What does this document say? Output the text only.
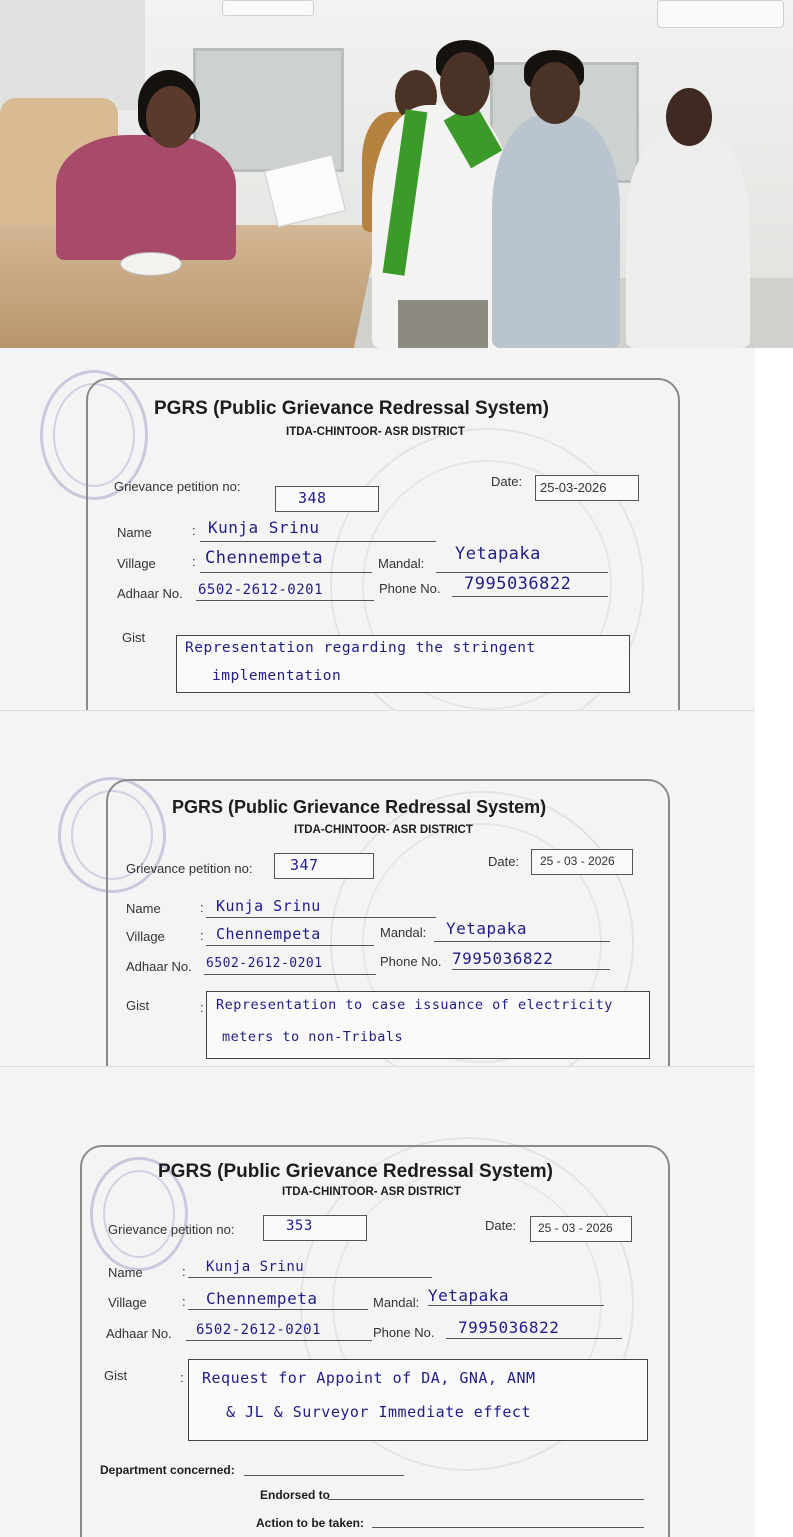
PGRS (Public Grievance Redressal System)
ITDA-CHINTOOR- ASR DISTRICT
Grievance petition no:
348
Date: 25-03-2026
Name	: Kunja Srinu
Village	: Chennempeta	Mandal: Yetapaka
Adhaar No. 6502-2612-0201	Phone No. 7995036822
Gist
Representation regarding the stringent
implementation
PGRS (Public Grievance Redressal System)
ITDA-CHINTOOR- ASR DISTRICT
Grievance petition no:	347	Date: 25 - 03 - 2026
Name	: Kunja Srinu
Village	: Chennempeta	Mandal: Yetapaka
Adhaar No. 6502-2612-0201	Phone No. 7995036822
Gist	: Representation to case issuance of electricity
meters to non-Tribals
PGRS (Public Grievance Redressal System)
ITDA-CHINTOOR- ASR DISTRICT
Grievance petition no:	353	Date: 25 - 03 - 2026
Name	: Kunja Srinu
Village	: Chennempeta	Mandal: Yetapaka
Adhaar No. 6502-2612-0201	Phone No. 7995036822
Gist	: Request for Appoint of DA, GNA, ANM
& JL & Surveyor Immediate effect
Department concerned:
Endorsed to
Action to be taken:
